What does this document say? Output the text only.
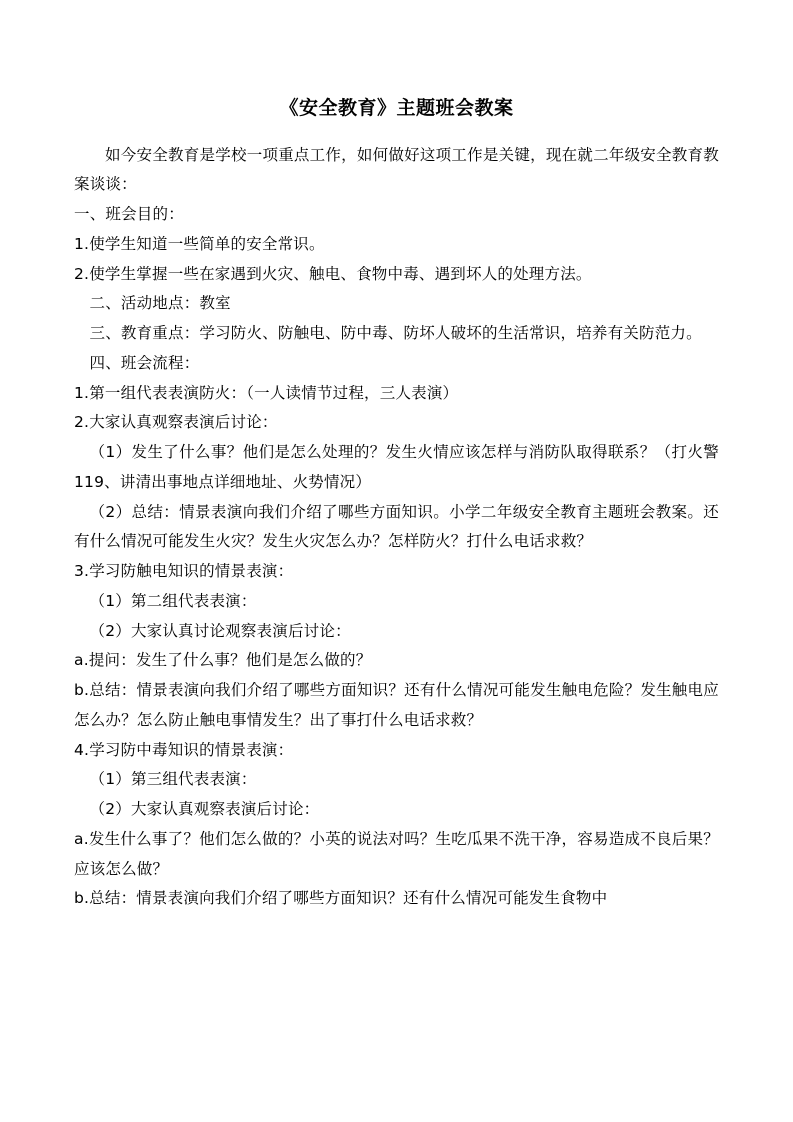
《安全教育》主题班会教案

如今安全教育是学校一项重点工作，如何做好这项工作是关键，现在就二年级安全教育教案谈谈：

一、班会目的：

1.使学生知道一些简单的安全常识。

2.使学生掌握一些在家遇到火灾、触电、食物中毒、遇到坏人的处理方法。

二、活动地点：教室

三、教育重点：学习防火、防触电、防中毒、防坏人破坏的生活常识，培养有关防范力。

四、班会流程：

1.第一组代表表演防火：（一人读情节过程，三人表演）

2.大家认真观察表演后讨论：

（1）发生了什么事？他们是怎么处理的？发生火情应该怎样与消防队取得联系？（打火警119、讲清出事地点详细地址、火势情况）

（2）总结：情景表演向我们介绍了哪些方面知识。小学二年级安全教育主题班会教案。还有什么情况可能发生火灾？发生火灾怎么办？怎样防火？打什么电话求救？

3.学习防触电知识的情景表演：

（1）第二组代表表演：

（2）大家认真讨论观察表演后讨论：

a.提问：发生了什么事？他们是怎么做的？

b.总结：情景表演向我们介绍了哪些方面知识？还有什么情况可能发生触电危险？发生触电应怎么办？怎么防止触电事情发生？出了事打什么电话求救？

4.学习防中毒知识的情景表演：

（1）第三组代表表演：

（2）大家认真观察表演后讨论：

a.发生什么事了？他们怎么做的？小英的说法对吗？生吃瓜果不洗干净，容易造成不良后果？应该怎么做？

b.总结：情景表演向我们介绍了哪些方面知识？还有什么情况可能发生食物中
